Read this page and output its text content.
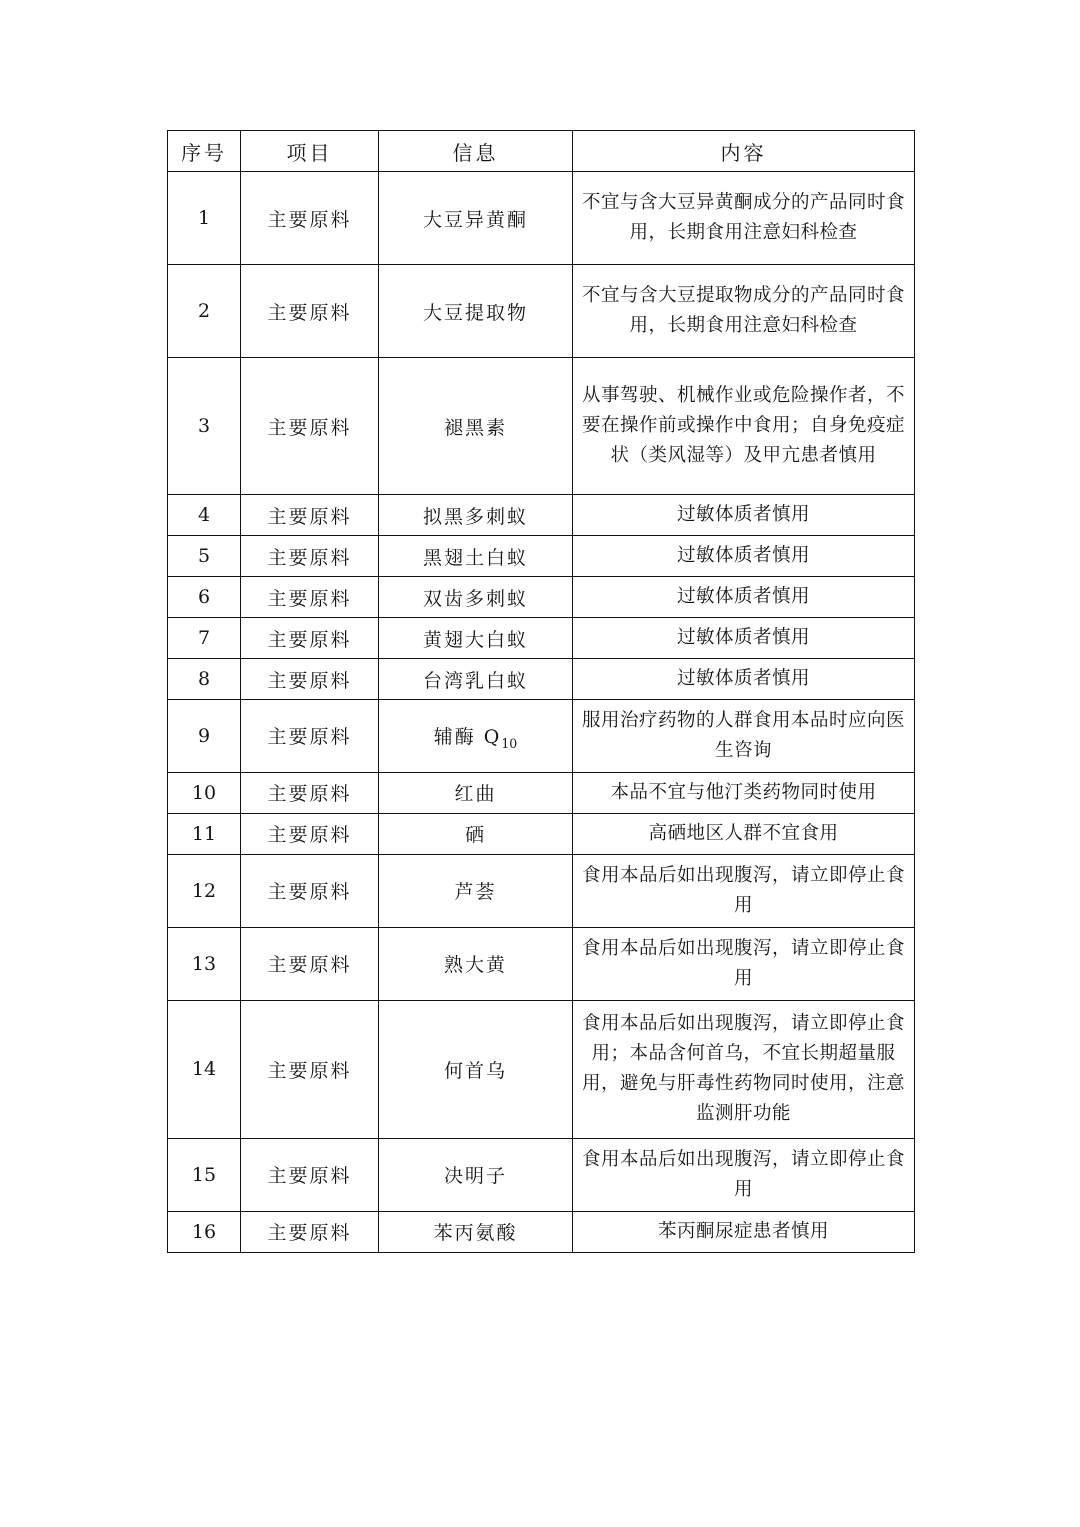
序号	项目	信息	内容
1	主要原料	大豆异黄酮	不宜与含大豆异黄酮成分的产品同时食用，长期食用注意妇科检查

2	主要原料	大豆提取物	不宜与含大豆提取物成分的产品同时食用，长期食用注意妇科检查

3	主要原料	褪黑素	从事驾驶、机械作业或危险操作者，不要在操作前或操作中食用；自身免疫症状（类风湿等）及甲亢患者慎用

4	主要原料	拟黑多刺蚁	过敏体质者慎用

5	主要原料	黑翅土白蚁	过敏体质者慎用

6	主要原料	双齿多刺蚁	过敏体质者慎用

7	主要原料	黄翅大白蚁	过敏体质者慎用

8	主要原料	台湾乳白蚁	过敏体质者慎用

9	主要原料	辅酶 $Q_{10}$	服用治疗药物的人群食用本品时应向医生咨询

10	主要原料	红曲	本品不宜与他汀类药物同时使用

11	主要原料	硒	高硒地区人群不宜食用

12	主要原料	芦荟	食用本品后如出现腹泻，请立即停止食用

13	主要原料	熟大黄	食用本品后如出现腹泻，请立即停止食用

14	主要原料	何首乌	食用本品后如出现腹泻，请立即停止食用；本品含何首乌，不宜长期超量服用，避免与肝毒性药物同时使用，注意监测肝功能

15	主要原料	决明子	食用本品后如出现腹泻，请立即停止食用

16	主要原料	苯丙氨酸	苯丙酮尿症患者慎用
